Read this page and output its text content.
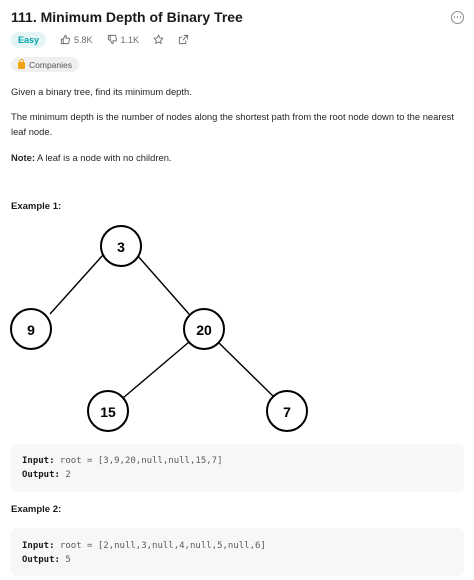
111. Minimum Depth of Binary Tree
Easy	5.8K	1.1K
Companies
Given a binary tree, find its minimum depth.
The minimum depth is the number of nodes along the shortest path from the root node down to the nearest leaf node.
Note: A leaf is a node with no children.
Example 1:
3
9	20
15	7
Input: root = [3,9,20,null,null,15,7]
Output: 2
Example 2:
Input: root = [2,null,3,null,4,null,5,null,6]
Output: 5
